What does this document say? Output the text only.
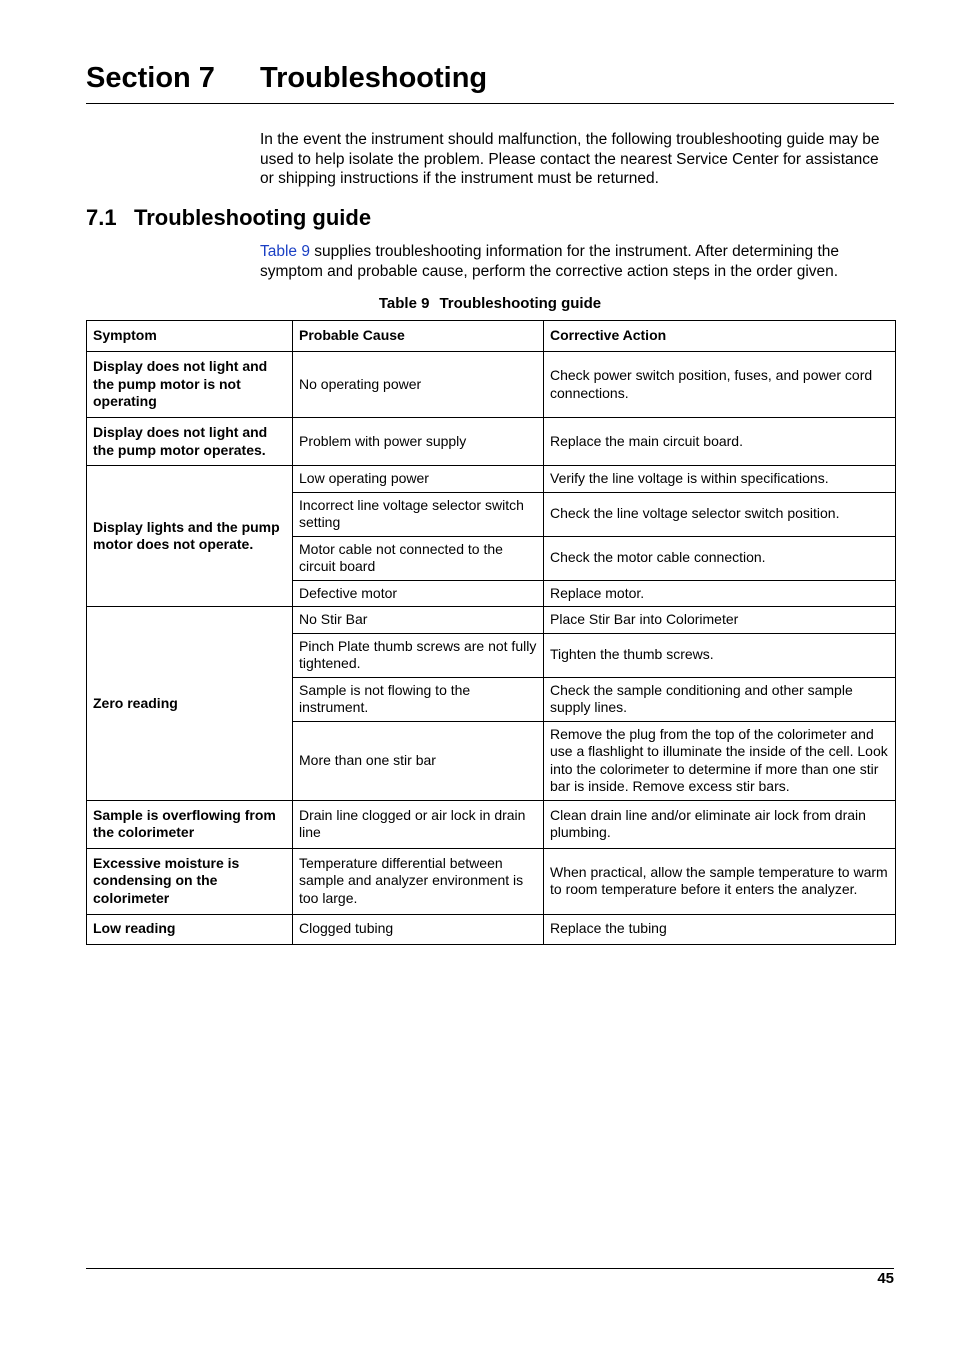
Section 7 Troubleshooting

In the event the instrument should malfunction, the following troubleshooting guide may be used to help isolate the problem. Please contact the nearest Service Center for assistance or shipping instructions if the instrument must be returned.

7.1 Troubleshooting guide

Table 9 supplies troubleshooting information for the instrument. After determining the symptom and probable cause, perform the corrective action steps in the order given.

Table 9 Troubleshooting guide
Symptom	Probable Cause	Corrective Action
Display does not light and the pump motor is not operating	No operating power	Check power switch position, fuses, and power cord connections.
Display does not light and the pump motor operates.	Problem with power supply	Replace the main circuit board.
Display lights and the pump motor does not operate.	Low operating power	Verify the line voltage is within specifications.
	Incorrect line voltage selector switch setting	Check the line voltage selector switch position.
	Motor cable not connected to the circuit board	Check the motor cable connection.
	Defective motor	Replace motor.
Zero reading	No Stir Bar	Place Stir Bar into Colorimeter
	Pinch Plate thumb screws are not fully tightened.	Tighten the thumb screws.
	Sample is not flowing to the instrument.	Check the sample conditioning and other sample supply lines.
	More than one stir bar	Remove the plug from the top of the colorimeter and use a flashlight to illuminate the inside of the cell. Look into the colorimeter to determine if more than one stir bar is inside. Remove excess stir bars.
Sample is overflowing from the colorimeter	Drain line clogged or air lock in drain line	Clean drain line and/or eliminate air lock from drain plumbing.
Excessive moisture is condensing on the colorimeter	Temperature differential between sample and analyzer environment is too large.	When practical, allow the sample temperature to warm to room temperature before it enters the analyzer.
Low reading	Clogged tubing	Replace the tubing
45
